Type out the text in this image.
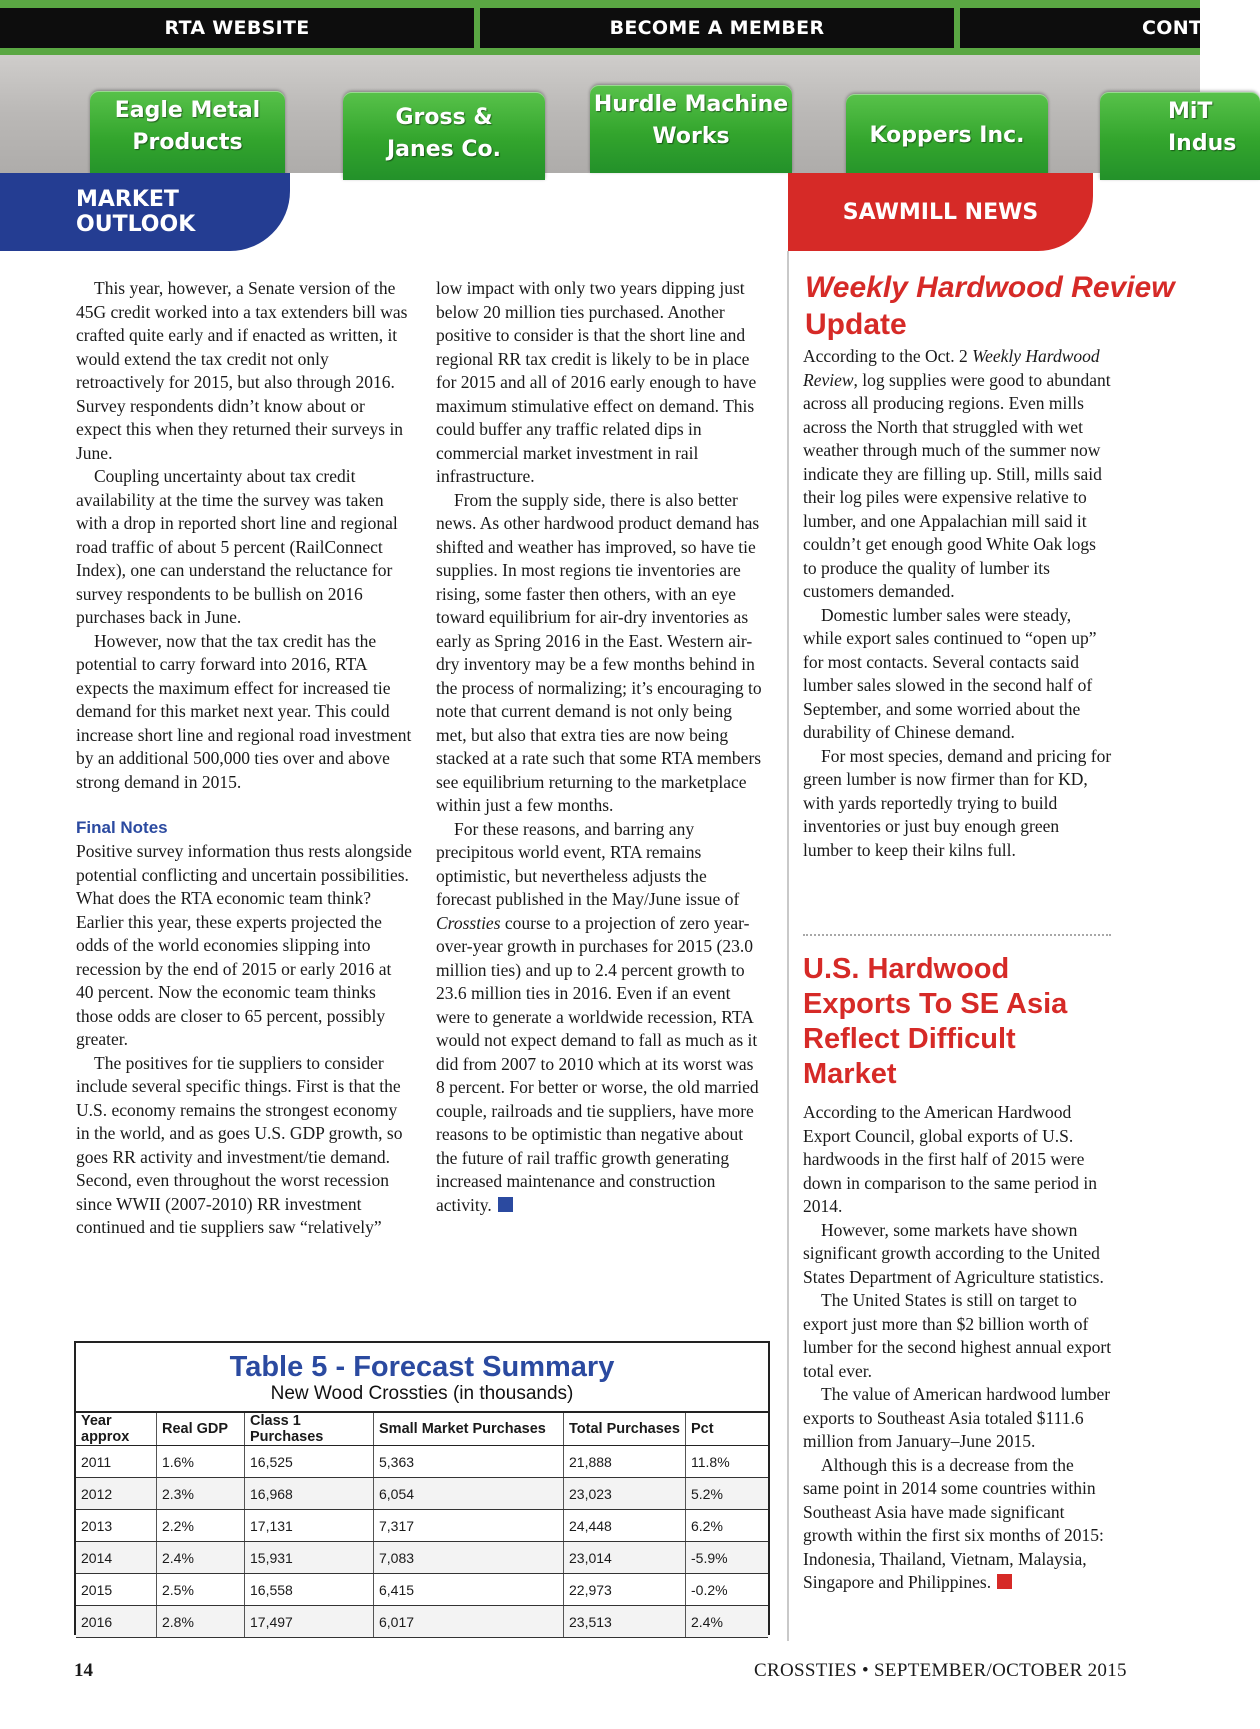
RTA WEBSITE	BECOME A MEMBER	CONTA
Eagle Metal
Products
Gross &
Janes Co.
Hurdle Machine
Works	Koppers Inc.
MiT
Indus
MARKET OUTLOOK	SAWMILL NEWS

This year, however, a Senate version of the 45G credit worked into a tax extenders bill was crafted quite early and if enacted as written, it would extend the tax credit not only retroactively for 2015, but also through 2016. Survey respondents didn’t know about or expect this when they returned their surveys in June.

Coupling uncertainty about tax credit availability at the time the survey was taken with a drop in reported short line and regional road traffic of about 5 percent (RailConnect Index), one can understand the reluctance for survey respondents to be bullish on 2016 purchases back in June.

However, now that the tax credit has the potential to carry forward into 2016, RTA expects the maximum effect for increased tie demand for this market next year. This could increase short line and regional road investment by an additional 500,000 ties over and above strong demand in 2015.

Final Notes

Positive survey information thus rests alongside potential conflicting and uncertain possibilities. What does the RTA economic team think? Earlier this year, these experts projected the odds of the world economies slipping into recession by the end of 2015 or early 2016 at 40 percent. Now the economic team thinks those odds are closer to 65 percent, possibly greater.

The positives for tie suppliers to consider include several specific things. First is that the U.S. economy remains the strongest economy in the world, and as goes U.S. GDP growth, so goes RR activity and investment/tie demand. Second, even throughout the worst recession since WWII (2007-2010) RR investment continued and tie suppliers saw “relatively”

low impact with only two years dipping just below 20 million ties purchased. Another positive to consider is that the short line and regional RR tax credit is likely to be in place for 2015 and all of 2016 early enough to have maximum stimulative effect on demand. This could buffer any traffic related dips in commercial market investment in rail infrastructure.

From the supply side, there is also better news. As other hardwood product demand has shifted and weather has improved, so have tie supplies. In most regions tie inventories are rising, some faster then others, with an eye toward equilibrium for air-dry inventories as early as Spring 2016 in the East. Western air-dry inventory may be a few months behind in the process of normalizing; it’s encouraging to note that current demand is not only being met, but also that extra ties are now being stacked at a rate such that some RTA members see equilibrium returning to the marketplace within just a few months.

For these reasons, and barring any precipitous world event, RTA remains optimistic, but nevertheless adjusts the forecast published in the May/June issue of Crossties course to a projection of zero year-over-year growth in purchases for 2015 (23.0 million ties) and up to 2.4 percent growth to 23.6 million ties in 2016. Even if an event were to generate a worldwide recession, RTA would not expect demand to fall as much as it did from 2007 to 2010 which at its worst was 8 percent. For better or worse, the old married couple, railroads and tie suppliers, have more reasons to be optimistic than negative about the future of rail traffic growth generating increased maintenance and construction activity.

Weekly Hardwood Review Update

According to the Oct. 2 Weekly Hardwood Review, log supplies were good to abundant across all producing regions. Even mills across the North that struggled with wet weather through much of the summer now indicate they are filling up. Still, mills said their log piles were expensive relative to lumber, and one Appalachian mill said it couldn’t get enough good White Oak logs to produce the quality of lumber its customers demanded.

Domestic lumber sales were steady, while export sales continued to “open up” for most contacts. Several contacts said lumber sales slowed in the second half of September, and some worried about the durability of Chinese demand.

For most species, demand and pricing for green lumber is now firmer than for KD, with yards reportedly trying to build inventories or just buy enough green lumber to keep their kilns full.

U.S. Hardwood Exports To SE Asia Reflect Difficult Market

According to the American Hardwood Export Council, global exports of U.S. hardwoods in the first half of 2015 were down in comparison to the same period in 2014.

However, some markets have shown significant growth according to the United States Department of Agriculture statistics.

The United States is still on target to export just more than $2 billion worth of lumber for the second highest annual export total ever.

The value of American hardwood lumber exports to Southeast Asia totaled $111.6 million from January–June 2015.

Although this is a decrease from the same point in 2014 some countries within Southeast Asia have made significant growth within the first six months of 2015: Indonesia, Thailand, Vietnam, Malaysia, Singapore and Philippines.

Table 5 - Forecast Summary
New Wood Crossties (in thousands)
Year approx	Real GDP	Class 1 Purchases	Small Market Purchases	Total Purchases	Pct
2011	1.6%	16,525	5,363	21,888	11.8%
2012	2.3%	16,968	6,054	23,023	5.2%
2013	2.2%	17,131	7,317	24,448	6.2%
2014	2.4%	15,931	7,083	23,014	-5.9%
2015	2.5%	16,558	6,415	22,973	-0.2%
2016	2.8%	17,497	6,017	23,513	2.4%
14	CROSSTIES • SEPTEMBER/OCTOBER 2015
